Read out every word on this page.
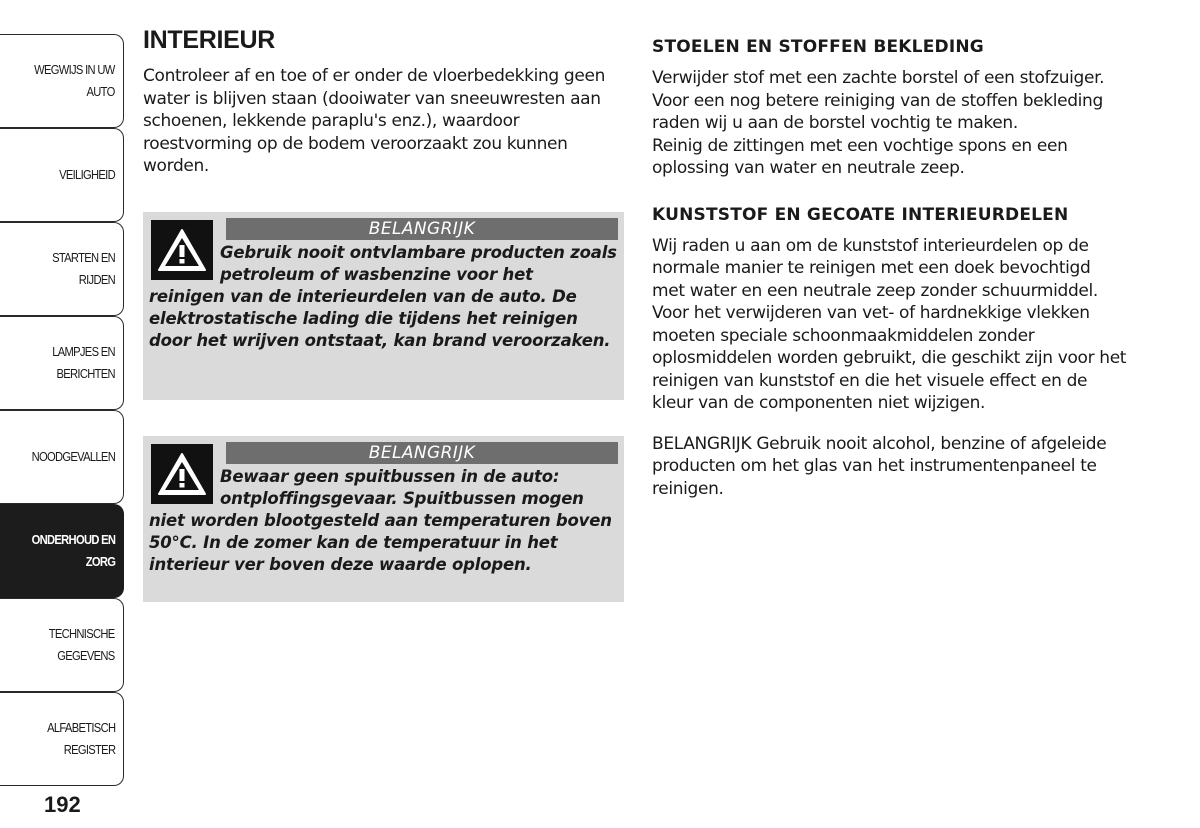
WEGWIJS IN UW
AUTO
VEILIGHEID
STARTEN EN RIJDEN
LAMPJES EN
BERICHTEN
NOODGEVALLEN
ONDERHOUD EN
ZORG
TECHNISCHE
GEGEVENS
ALFABETISCH
REGISTER
192
INTERIEUR

Controleer af en toe of er onder de vloerbedekking geen water is blijven staan (dooiwater van sneeuwresten aan schoenen, lekkende paraplu's enz.), waardoor roestvorming op de bodem veroorzaakt zou kunnen worden.

BELANGRIJK
Gebruik nooit ontvlambare producten zoals petroleum of wasbenzine voor het
reinigen van de interieurdelen van de auto. De elektrostatische lading die tijdens het reinigen door het wrijven ontstaat, kan brand veroorzaken.
BELANGRIJK
Bewaar geen spuitbussen in de auto: ontploffingsgevaar. Spuitbussen mogen
niet worden blootgesteld aan temperaturen boven 50°C. In de zomer kan de temperatuur in het interieur ver boven deze waarde oplopen.
STOELEN EN STOFFEN BEKLEDING

Verwijder stof met een zachte borstel of een stofzuiger. Voor een nog betere reiniging van de stoffen bekleding raden wij u aan de borstel vochtig te maken.

Reinig de zittingen met een vochtige spons en een oplossing van water en neutrale zeep.

KUNSTSTOF EN GECOATE INTERIEURDELEN

Wij raden u aan om de kunststof interieurdelen op de normale manier te reinigen met een doek bevochtigd met water en een neutrale zeep zonder schuurmiddel. Voor het verwijderen van vet- of hardnekkige vlekken moeten speciale schoonmaakmiddelen zonder oplosmiddelen worden gebruikt, die geschikt zijn voor het reinigen van kunststof en die het visuele effect en de kleur van de componenten niet wijzigen.

BELANGRIJK Gebruik nooit alcohol, benzine of afgeleide producten om het glas van het instrumentenpaneel te reinigen.
